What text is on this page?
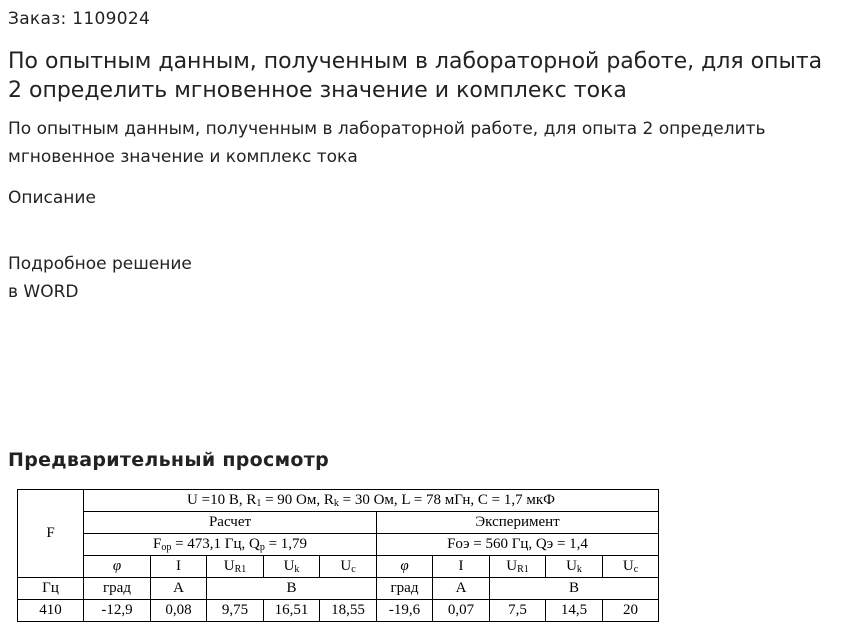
Заказ: 1109024
По опытным данным, полученным в лабораторной работе, для опыта 2 определить мгновенное значение и комплекс тока
По опытным данным, полученным в лабораторной работе, для опыта 2 определить мгновенное значение и комплекс тока
Описание
Подробное решение
в WORD
Предварительный просмотр
F	U =10 В, $R_1 = 90$ Ом, $R_k = 30$ Ом, L = 78 мГн, С = 1,7 мкФ									
	Расчет					Эксперимент				
	$F_{ор} = 473,1$ Гц, $Q_р = 1,79$					Fоэ = 560 Гц, Qэ = 1,4				
	φ	I	$U_{R1}$	$U_k$	$U_c$	φ	I	$U_{R1}$	$U_k$	$U_c$
Гц	град	А	В			град	А	В		
410	-12,9	0,08	9,75	16,51	18,55	-19,6	0,07	7,5	14,5	20
